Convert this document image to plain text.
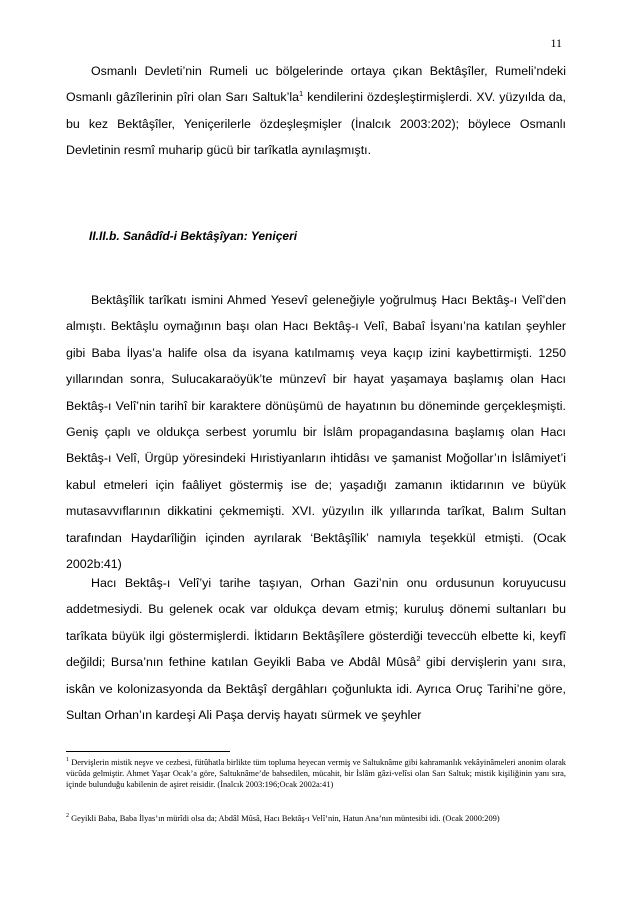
11

Osmanlı Devleti’nin Rumeli uc bölgelerinde ortaya çıkan Bektâşîler, Rumeli’ndeki Osmanlı gâzîlerinin pîri olan Sarı $Saltuk’la^1$ kendilerini özdeşleştirmişlerdi. XV. yüzyılda da, bu kez Bektâşîler, Yeniçerilerle özdeşleşmişler (İnalcık 2003:202); böylece Osmanlı Devletinin resmî muharip gücü bir tarîkatla aynılaşmıştı.

II.II.b. Sanâdîd-i Bektâşîyan: Yeniçeri

Bektâşîlik tarîkatı ismini Ahmed Yesevî geleneğiyle yoğrulmuş Hacı Bektâş-ı Velî’den almıştı. Bektâşlu oymağının başı olan Hacı Bektâş-ı Velî, Babaî İsyanı’na katılan şeyhler gibi Baba İlyas’a halife olsa da isyana katılmamış veya kaçıp izini kaybettirmişti. 1250 yıllarından sonra, Sulucakaraöyük’te münzevî bir hayat yaşamaya başlamış olan Hacı Bektâş-ı Velî’nin tarihî bir karaktere dönüşümü de hayatının bu döneminde gerçekleşmişti. Geniş çaplı ve oldukça serbest yorumlu bir İslâm propagandasına başlamış olan Hacı Bektâş-ı Velî, Ürgüp yöresindeki Hıristiyanların ihtidâsı ve şamanist Moğollar’ın İslâmiyet’i kabul etmeleri için faâliyet göstermiş ise de; yaşadığı zamanın iktidarının ve büyük mutasavvıflarının dikkatini çekmemişti. XVI. yüzyılın ilk yıllarında tarîkat, Balım Sultan tarafından Haydarîliğin içinden ayrılarak ‘Bektâşîlik’ namıyla teşekkül etmişti. (Ocak 2002b:41)

Hacı Bektâş-ı Velî’yi tarihe taşıyan, Orhan Gazi’nin onu ordusunun koruyucusu addetmesiydi. Bu gelenek ocak var oldukça devam etmiş; kuruluş dönemi sultanları bu tarîkata büyük ilgi göstermişlerdi. İktidarın Bektâşîlere gösterdiği teveccüh elbette ki, keyfî değildi; Bursa’nın fethine katılan Geyikli Baba ve Abdâl Mûsâ$^2$ gibi dervişlerin yanı sıra, iskân ve kolonizasyonda da Bektâşî dergâhları çoğunlukta idi. Ayrıca Oruç Tarihi’ne göre, Sultan Orhan’ın kardeşi Ali Paşa derviş hayatı sürmek ve şeyhler

$^1$ Dervişlerin mistik neşve ve cezbesi, fütûhatla birlikte tüm topluma heyecan vermiş ve Saltuknâme gibi kahramanlık vekâyinâmeleri anonim olarak vücûda gelmiştir. Ahmet Yaşar Ocak’a göre, Saltuknâme’de bahsedilen, mücahit, bir İslâm gâzi-velîsi olan Sarı Saltuk; mistik kişiliğinin yanı sıra, içinde bulunduğu kabilenin de aşiret reisidir. (İnalcık 2003:196;Ocak 2002a:41)

$^2$ Geyikli Baba, Baba İlyas’ın mürîdi olsa da; Abdâl Mûsâ, Hacı Bektâş-ı Velî’nin, Hatun Ana’nın müntesibi idi. (Ocak 2000:209)
